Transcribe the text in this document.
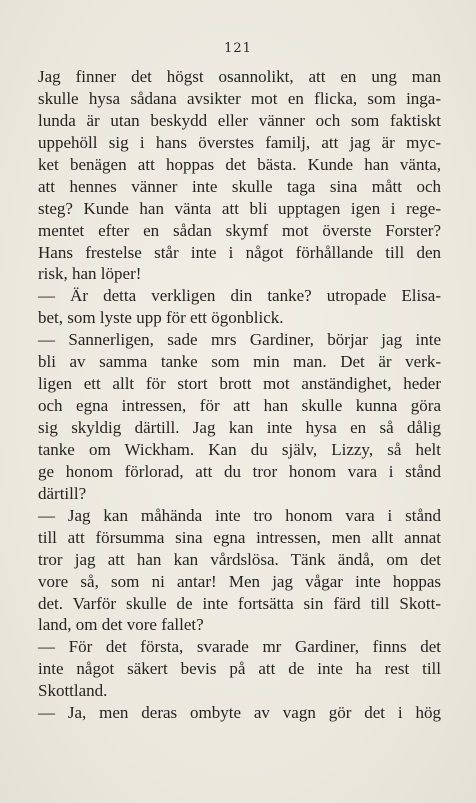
121
Jag finner det högst osannolikt, att en ung man
skulle hysa sådana avsikter mot en flicka, som inga-
lunda är utan beskydd eller vänner och som faktiskt
uppehöll sig i hans överstes familj, att jag är myc-
ket benägen att hoppas det bästa. Kunde han vänta,
att hennes vänner inte skulle taga sina mått och
steg? Kunde han vänta att bli upptagen igen i rege-
mentet efter en sådan skymf mot överste Forster?
Hans frestelse står inte i något förhållande till den
risk, han löper!
— Är detta verkligen din tanke? utropade Elisa-
bet, som lyste upp för ett ögonblick.
— Sannerligen, sade mrs Gardiner, börjar jag inte
bli av samma tanke som min man. Det är verk-
ligen ett allt för stort brott mot anständighet, heder
och egna intressen, för att han skulle kunna göra
sig skyldig därtill. Jag kan inte hysa en så dålig
tanke om Wickham. Kan du själv, Lizzy, så helt
ge honom förlorad, att du tror honom vara i stånd
därtill?
— Jag kan måhända inte tro honom vara i stånd
till att försumma sina egna intressen, men allt annat
tror jag att han kan vårdslösa. Tänk ändå, om det
vore så, som ni antar! Men jag vågar inte hoppas
det. Varför skulle de inte fortsätta sin färd till Skott-
land, om det vore fallet?
— För det första, svarade mr Gardiner, finns det
inte något säkert bevis på att de inte ha rest till
Skottland.
— Ja, men deras ombyte av vagn gör det i hög
